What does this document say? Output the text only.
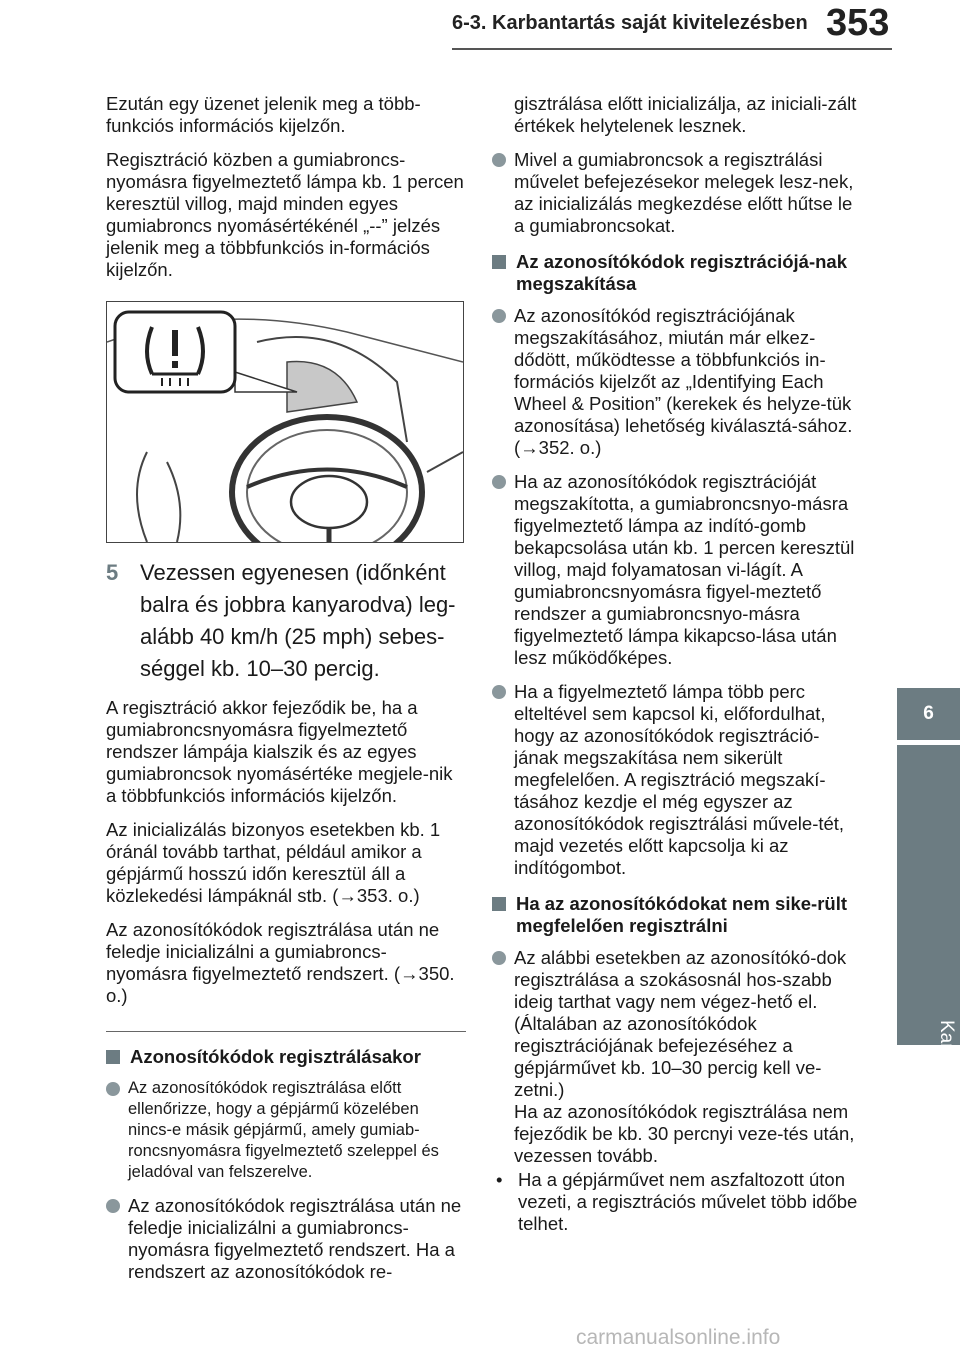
6-3. Karbantartás saját kivitelezésben 353
6
Karbantartás és ápolás

Ezután egy üzenet jelenik meg a több-funkciós információs kijelzőn.

Regisztráció közben a gumiabroncs-nyomásra figyelmeztető lámpa kb. 1 percen keresztül villog, majd minden egyes gumiabroncs nyomásértékénél „--” jelzés jelenik meg a többfunkciós in-formációs kijelzőn.

5 Vezessen egyenesen (időnként balra és jobbra kanyarodva) leg-alább 40 km/h (25 mph) sebes-séggel kb. 10–30 percig.

A regisztráció akkor fejeződik be, ha a gumiabroncsnyomásra figyelmeztető rendszer lámpája kialszik és az egyes gumiabroncsok nyomásértéke megjele-nik a többfunkciós információs kijelzőn.

Az inicializálás bizonyos esetekben kb. 1 óránál tovább tarthat, például amikor a gépjármű hosszú időn keresztül áll a közlekedési lámpáknál stb. (→353. o.)

Az azonosítókódok regisztrálása után ne feledje inicializálni a gumiabroncs-nyomásra figyelmeztető rendszert. (→350. o.)

Azonosítókódok regisztrálásakor
Az azonosítókódok regisztrálása előtt ellenőrizze, hogy a gépjármű közelében nincs-e másik gépjármű, amely gumiab-roncsnyomásra figyelmeztető szeleppel és jeladóval van felszerelve.
Az azonosítókódok regisztrálása után ne feledje inicializálni a gumiabroncs-nyomásra figyelmeztető rendszert. Ha a rendszert az azonosítókódok re-

gisztrálása előtt inicializálja, az iniciali-zált értékek helytelenek lesznek.

Mivel a gumiabroncsok a regisztrálási művelet befejezésekor melegek lesz-nek, az inicializálás megkezdése előtt hűtse le a gumiabroncsokat.
Az azonosítókódok regisztrációjá-nak megszakítása
Az azonosítókód regisztrációjának megszakításához, miután már elkez-dődött, működtesse a többfunkciós in-formációs kijelzőt az „Identifying Each Wheel & Position” (kerekek és helyze-tük azonosítása) lehetőség kiválasztá-sához. (→352. o.)
Ha az azonosítókódok regisztrációját megszakította, a gumiabroncsnyo-másra figyelmeztető lámpa az indító-gomb bekapcsolása után kb. 1 percen keresztül villog, majd folyamatosan vi-lágít. A gumiabroncsnyomásra figyel-meztető rendszer a gumiabroncsnyo-másra figyelmeztető lámpa kikapcso-lása után lesz működőképes.
Ha a figyelmeztető lámpa több perc elteltével sem kapcsol ki, előfordulhat, hogy az azonosítókódok regisztráció-jának megszakítása nem sikerült megfelelően. A regisztráció megszakí-tásához kezdje el még egyszer az azonosítókódok regisztrálási művele-tét, majd vezetés előtt kapcsolja ki az indítógombot.
Ha az azonosítókódokat nem sike-rült megfelelően regisztrálni
Az alábbi esetekben az azonosítókó-dok regisztrálása a szokásosnál hos-szabb ideig tarthat vagy nem végez-hető el. (Általában az azonosítókódok regisztrációjának befejezéséhez a gépjárművet kb. 10–30 percig kell ve-zetni.)
Ha az azonosítókódok regisztrálása nem fejeződik be kb. 30 percnyi veze-tés után, vezessen tovább.
• Ha a gépjárművet nem aszfaltozott úton vezeti, a regisztrációs művelet több időbe telhet.
carmanualsonline.info
